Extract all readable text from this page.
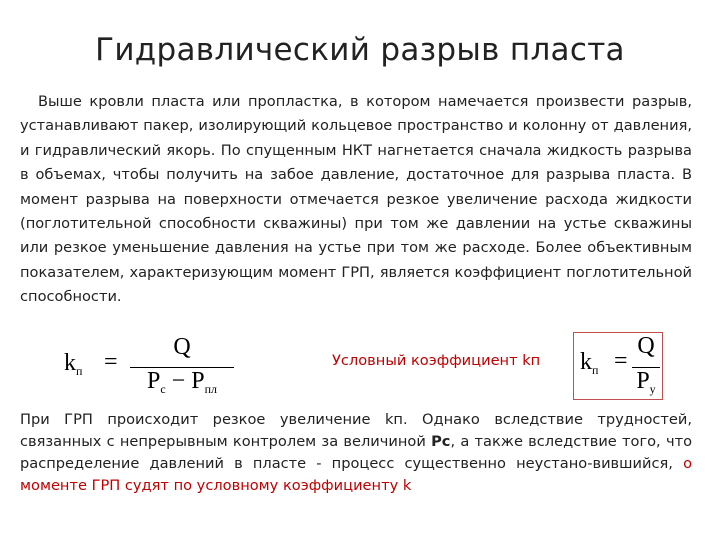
Гидравлический разрыв пласта
Выше кровли пласта или пропластка, в котором намечается произвести разрыв, устанавливают пакер, изолирующий кольцевое пространство и колонну от давления, и гидравлический якорь. По спущенным НКТ нагнетается сначала жидкость разрыва в объемах, чтобы получить на забое давление, достаточное для разрыва пласта. В момент разрыва на поверхности отмечается резкое увеличение расхода жидкости (поглотительной способности скважины) при том же давлении на устье скважины или резкое уменьшение давления на устье при том же расходе. Более объективным показателем, характеризующим момент ГРП, является коэффициент поглотительной способности.
$k_п$ =
Q
$P_с - P_{пл}$
Условный коэффициент kп $k_п$ =
Q
$P_у$
При ГРП происходит резкое увеличение kп. Однако вследствие трудностей, связанных с непрерывным контролем за величиной Рс, а также вследствие того, что распределение давлений в пласте - процесс существенно неустано-вившийся, о моменте ГРП судят по условному коэффициенту k
